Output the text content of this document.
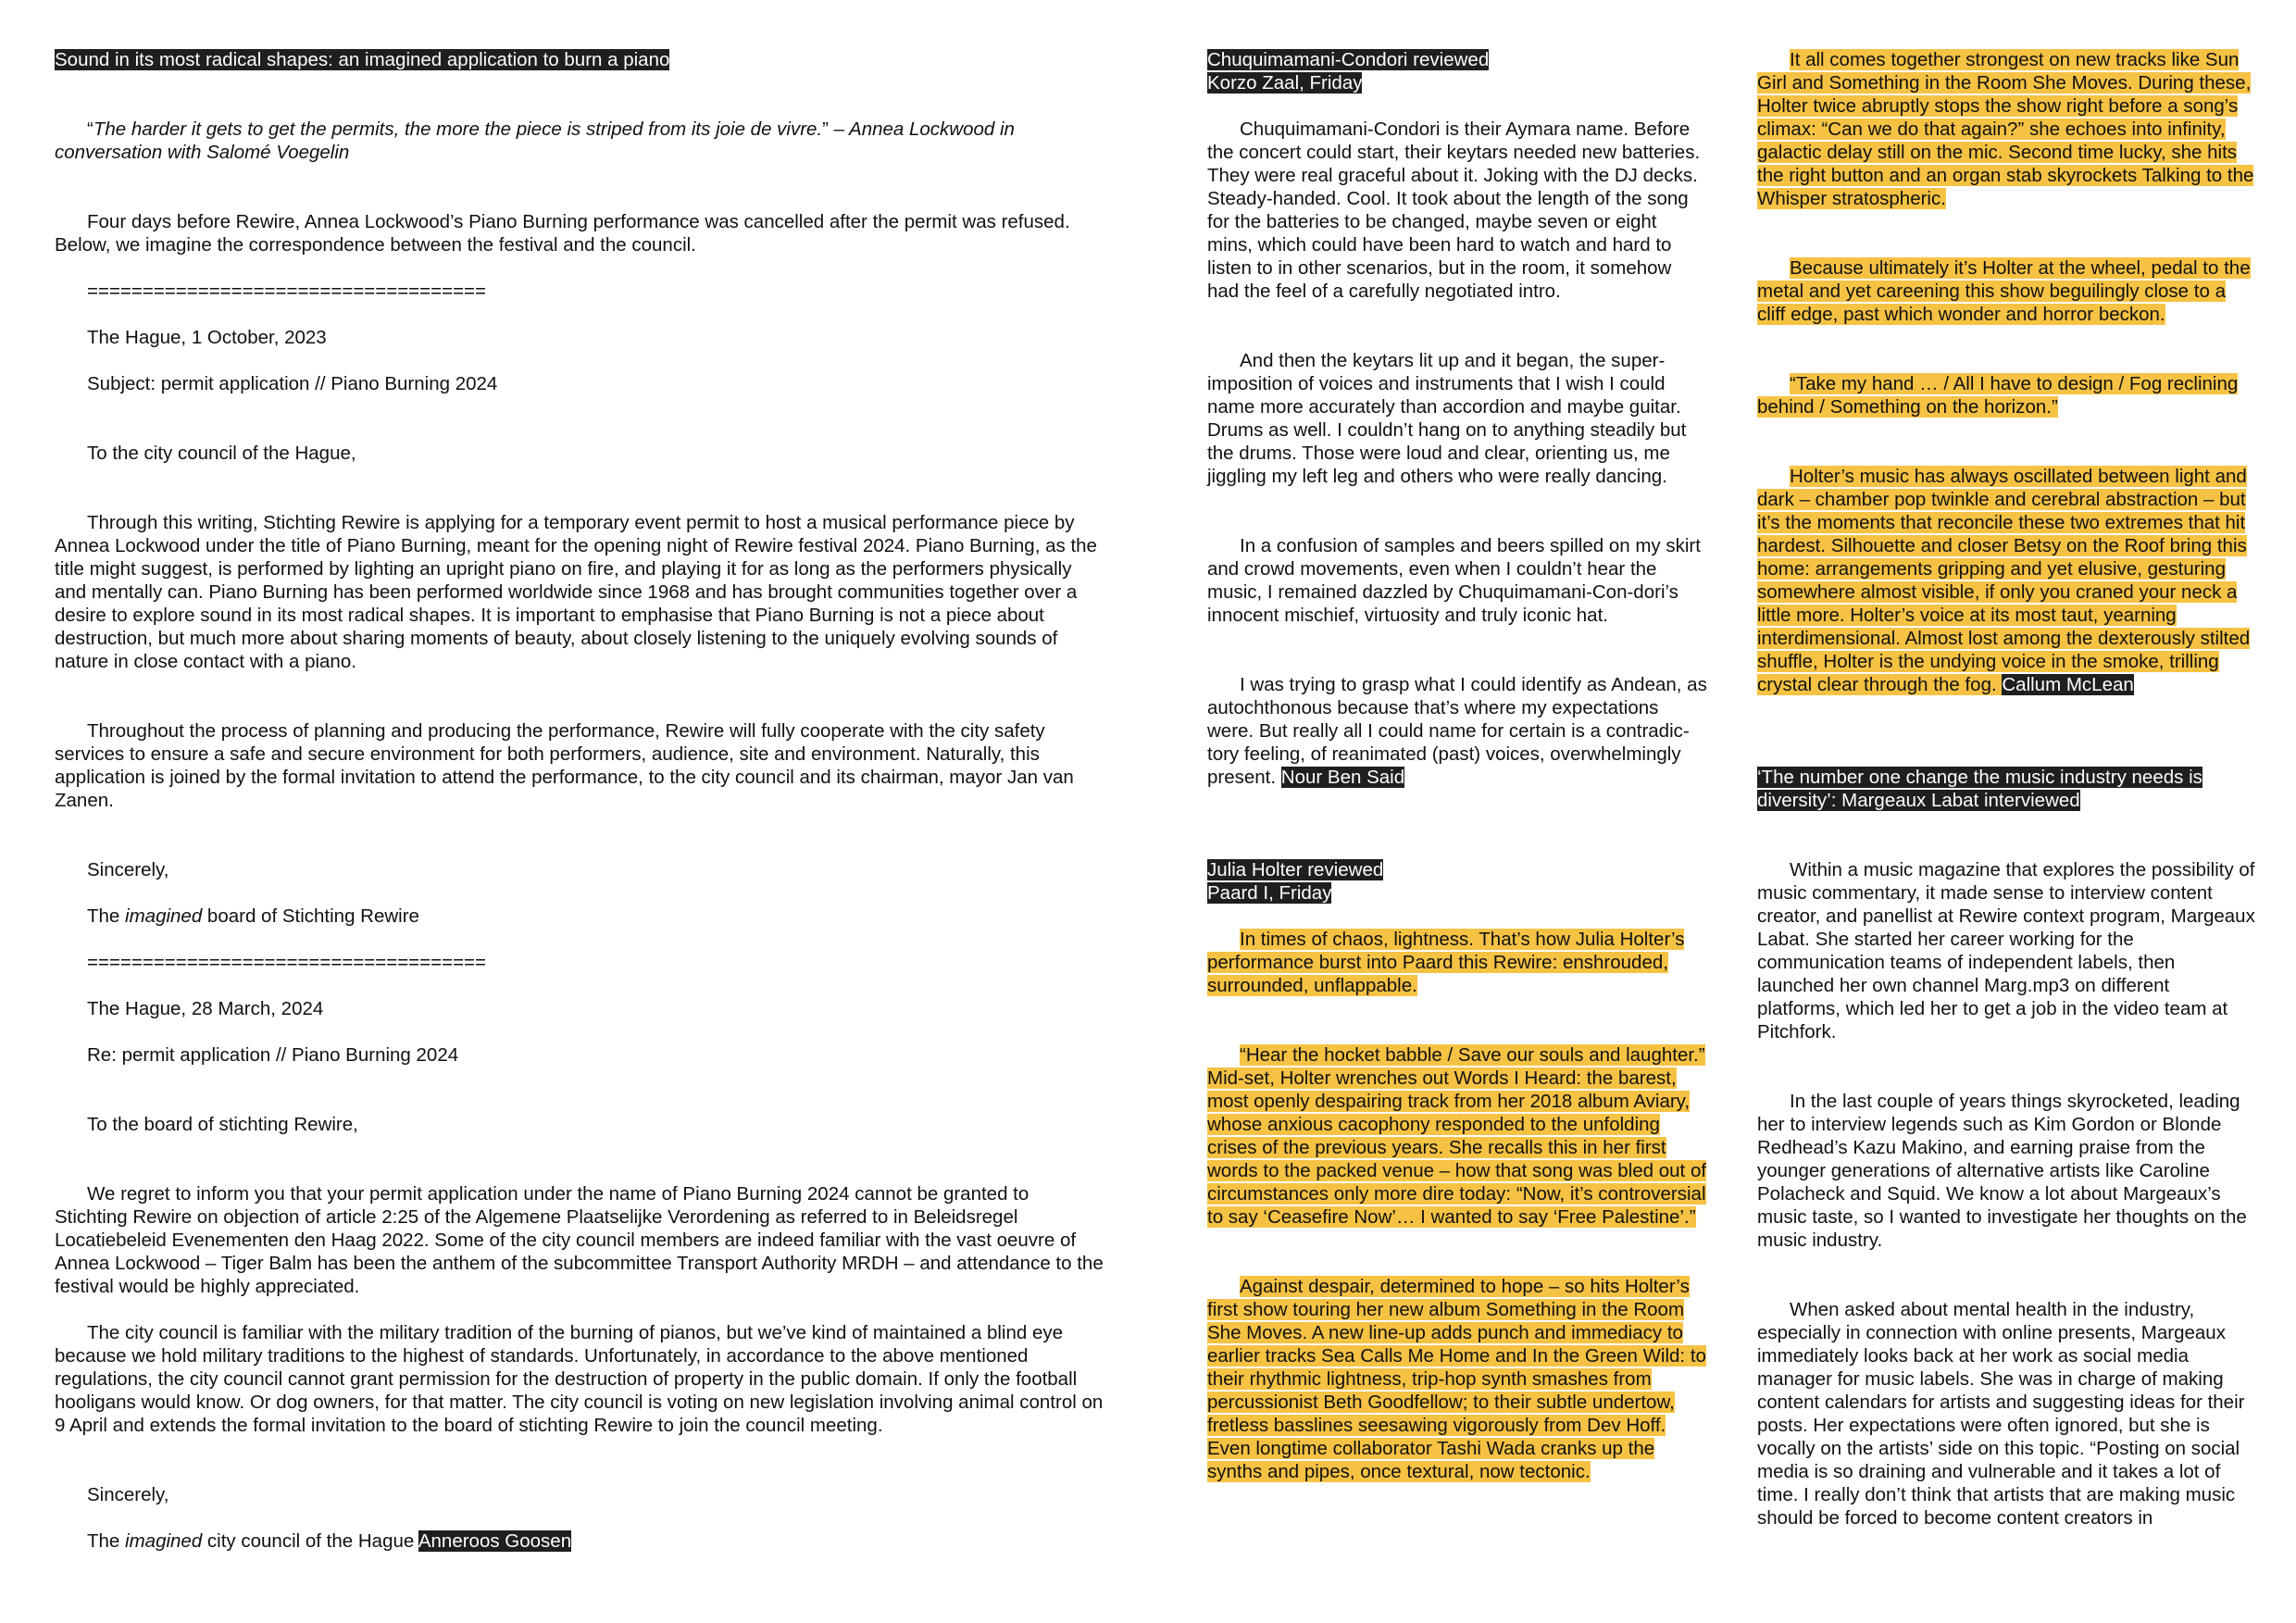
Sound in its most radical shapes: an imagined application to burn a piano

“The harder it gets to get the permits, the more the piece is striped from its joie de vivre.” – Annea Lockwood in conversation with Salomé Voegelin

Four days before Rewire, Annea Lockwood’s Piano Burning performance was cancelled after the permit was refused. Below, we imagine the correspondence between the festival and the council.

====================================

The Hague, 1 October, 2023

Subject: permit application // Piano Burning 2024

To the city council of the Hague,

Through this writing, Stichting Rewire is applying for a temporary event permit to host a musical performance piece by Annea Lockwood under the title of Piano Burning, meant for the opening night of Rewire festival 2024. Piano Burning, as the title might suggest, is performed by lighting an upright piano on fire, and playing it for as long as the performers physically and mentally can. Piano Burning has been performed worldwide since 1968 and has brought communities together over a desire to explore sound in its most radical shapes. It is important to emphasise that Piano Burning is not a piece about destruction, but much more about sharing moments of beauty, about closely listening to the uniquely evolving sounds of nature in close contact with a piano.

Throughout the process of planning and producing the performance, Rewire will fully cooperate with the city safety services to ensure a safe and secure environment for both performers, audience, site and environment. Naturally, this application is joined by the formal invitation to attend the performance, to the city council and its chairman, mayor Jan van Zanen.

Sincerely,

The imagined board of Stichting Rewire

====================================

The Hague, 28 March, 2024

Re: permit application // Piano Burning 2024

To the board of stichting Rewire,

We regret to inform you that your permit application under the name of Piano Burning 2024 cannot be granted to Stichting Rewire on objection of article 2:25 of the Algemene Plaatselijke Verordening as referred to in Beleidsregel Locatiebeleid Evenementen den Haag 2022. Some of the city council members are indeed familiar with the vast oeuvre of Annea Lockwood – Tiger Balm has been the anthem of the subcommittee Transport Authority MRDH – and attendance to the festival would be highly appreciated.

The city council is familiar with the military tradition of the burning of pianos, but we’ve kind of maintained a blind eye because we hold military traditions to the highest of standards. Unfortunately, in accordance to the above mentioned regulations, the city council cannot grant permission for the destruction of property in the public domain. If only the football hooligans would know. Or dog owners, for that matter. The city council is voting on new legislation involving animal control on 9 April and extends the formal invitation to the board of stichting Rewire to join the council meeting.

Sincerely,

The imagined city council of the Hague Anneroos Goosen

Chuquimamani-Condori reviewed
Korzo Zaal, Friday

Chuquimamani-Condori is their Aymara name. Before the concert could start, their keytars needed new batteries. They were real graceful about it. Joking with the DJ decks. Steady-handed. Cool. It took about the length of the song for the batteries to be changed, maybe seven or eight mins, which could have been hard to watch and hard to listen to in other scenarios, but in the room, it somehow had the feel of a carefully negotiated intro.

And then the keytars lit up and it began, the super-imposition of voices and instruments that I wish I could name more accurately than accordion and maybe guitar. Drums as well. I couldn’t hang on to anything steadily but the drums. Those were loud and clear, orienting us, me jiggling my left leg and others who were really dancing.

In a confusion of samples and beers spilled on my skirt and crowd movements, even when I couldn’t hear the music, I remained dazzled by Chuquimamani-Con-dori’s innocent mischief, virtuosity and truly iconic hat.

I was trying to grasp what I could identify as Andean, as autochthonous because that’s where my expectations were. But really all I could name for certain is a contradic-tory feeling, of reanimated (past) voices, overwhelmingly present. Nour Ben Said

Julia Holter reviewed
Paard I, Friday

In times of chaos, lightness. That’s how Julia Holter’s performance burst into Paard this Rewire: enshrouded, surrounded, unflappable.

“Hear the hocket babble / Save our souls and laughter.” Mid-set, Holter wrenches out Words I Heard: the barest, most openly despairing track from her 2018 album Aviary, whose anxious cacophony responded to the unfolding crises of the previous years. She recalls this in her first words to the packed venue – how that song was bled out of circumstances only more dire today: “Now, it’s controversial to say ‘Ceasefire Now’… I wanted to say ‘Free Palestine’.”

Against despair, determined to hope – so hits Holter’s first show touring her new album Something in the Room She Moves. A new line-up adds punch and immediacy to earlier tracks Sea Calls Me Home and In the Green Wild: to their rhythmic lightness, trip-hop synth smashes from percussionist Beth Goodfellow; to their subtle undertow, fretless basslines seesawing vigorously from Dev Hoff. Even longtime collaborator Tashi Wada cranks up the synths and pipes, once textural, now tectonic.

It all comes together strongest on new tracks like Sun Girl and Something in the Room She Moves. During these, Holter twice abruptly stops the show right before a song’s climax: “Can we do that again?” she echoes into infinity, galactic delay still on the mic. Second time lucky, she hits the right button and an organ stab skyrockets Talking to the Whisper stratospheric.

Because ultimately it’s Holter at the wheel, pedal to the metal and yet careening this show beguilingly close to a cliff edge, past which wonder and horror beckon.

“Take my hand … / All I have to design / Fog reclining behind / Something on the horizon.”

Holter’s music has always oscillated between light and dark – chamber pop twinkle and cerebral abstraction – but it’s the moments that reconcile these two extremes that hit hardest. Silhouette and closer Betsy on the Roof bring this home: arrangements gripping and yet elusive, gesturing somewhere almost visible, if only you craned your neck a little more. Holter’s voice at its most taut, yearning interdimensional. Almost lost among the dexterously stilted shuffle, Holter is the undying voice in the smoke, trilling crystal clear through the fog. Callum McLean

‘The number one change the music industry needs is diversity’: Margeaux Labat interviewed

Within a music magazine that explores the possibility of music commentary, it made sense to interview content creator, and panellist at Rewire context program, Margeaux Labat. She started her career working for the communication teams of independent labels, then launched her own channel Marg.mp3 on different platforms, which led her to get a job in the video team at Pitchfork.

In the last couple of years things skyrocketed, leading her to interview legends such as Kim Gordon or Blonde Redhead’s Kazu Makino, and earning praise from the younger generations of alternative artists like Caroline Polacheck and Squid. We know a lot about Margeaux’s music taste, so I wanted to investigate her thoughts on the music industry.

When asked about mental health in the industry, especially in connection with online presents, Margeaux immediately looks back at her work as social media manager for music labels. She was in charge of making content calendars for artists and suggesting ideas for their posts. Her expectations were often ignored, but she is vocally on the artists’ side on this topic. “Posting on social media is so draining and vulnerable and it takes a lot of time. I really don’t think that artists that are making music should be forced to become content creators in
